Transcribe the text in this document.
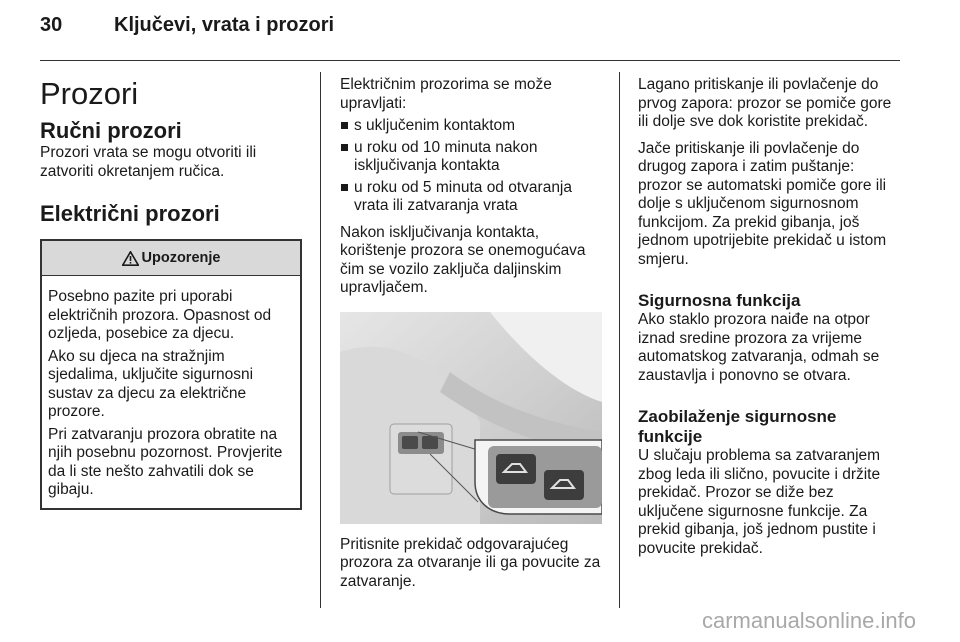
30	Ključevi, vrata i prozori
Prozori
Ručni prozori

Prozori vrata se mogu otvoriti ili zatvoriti okretanjem ručica.

Električni prozori
Upozorenje

Posebno pazite pri uporabi električnih prozora. Opasnost od ozljeda, posebice za djecu.

Ako su djeca na stražnjim sjedalima, uključite sigurnosni sustav za djecu za električne prozore.

Pri zatvaranju prozora obratite na njih posebnu pozornost. Provjerite da li ste nešto zahvatili dok se gibaju.

Električnim prozorima se može upravljati:

s uključenim kontaktom
u roku od 10 minuta nakon isključivanja kontakta
u roku od 5 minuta od otvaranja vrata ili zatvaranja vrata

Nakon isključivanja kontakta, korištenje prozora se onemogućava čim se vozilo zaključa daljinskim upravljačem.

Pritisnite prekidač odgovarajućeg prozora za otvaranje ili ga povucite za zatvaranje.

Lagano pritiskanje ili povlačenje do prvog zapora: prozor se pomiče gore ili dolje sve dok koristite prekidač.

Jače pritiskanje ili povlačenje do drugog zapora i zatim puštanje: prozor se automatski pomiče gore ili dolje s uključenom sigurnosnom funkcijom. Za prekid gibanja, još jednom upotrijebite prekidač u istom smjeru.

Sigurnosna funkcija

Ako staklo prozora naiđe na otpor iznad sredine prozora za vrijeme automatskog zatvaranja, odmah se zaustavlja i ponovno se otvara.

Zaobilaženje sigurnosne funkcije

U slučaju problema sa zatvaranjem zbog leda ili slično, povucite i držite prekidač. Prozor se diže bez uključene sigurnosne funkcije. Za prekid gibanja, još jednom pustite i povucite prekidač.

carmanualsonline.info
